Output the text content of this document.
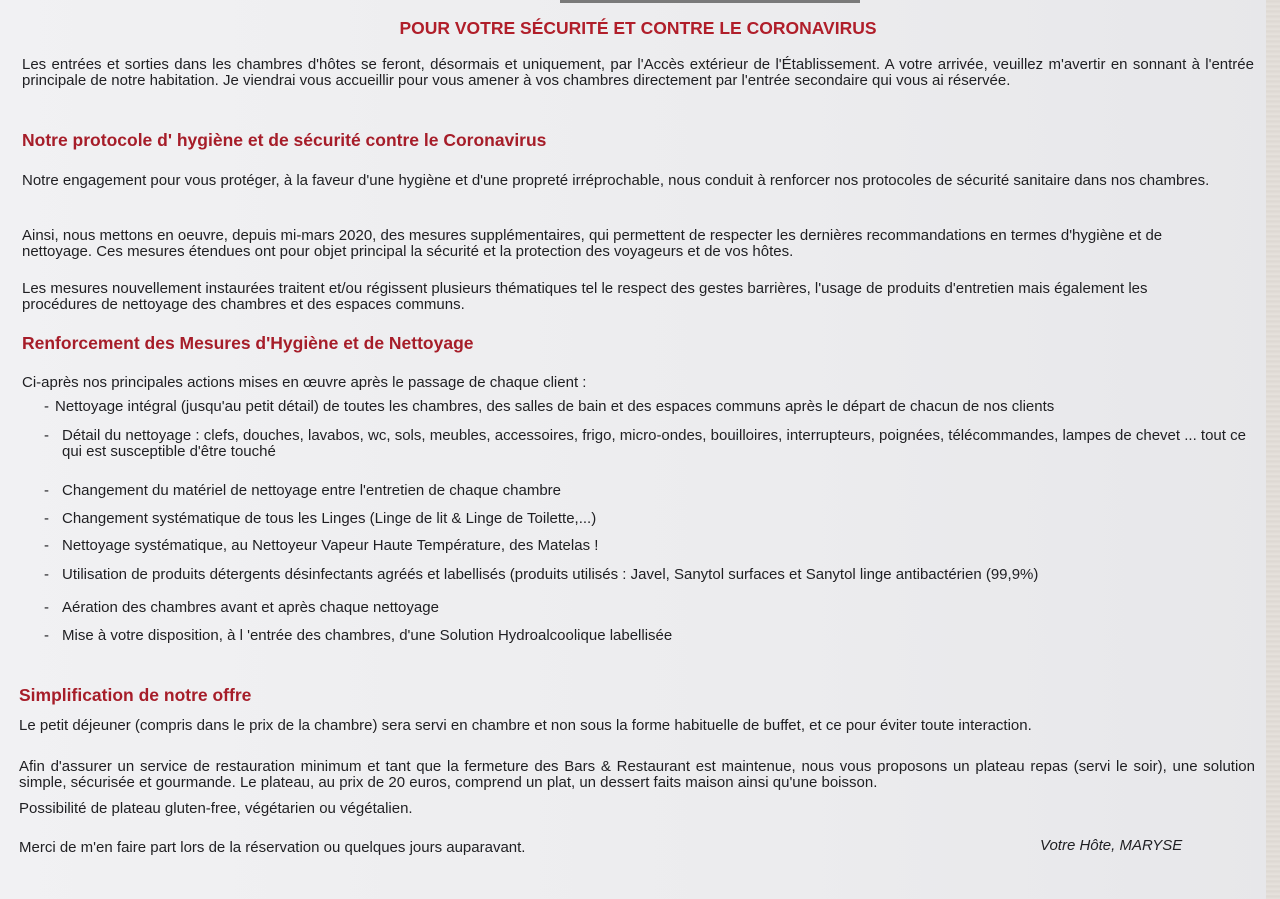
POUR VOTRE SÉCURITÉ ET CONTRE LE CORONAVIRUS
Les entrées et sorties dans les chambres d'hôtes se feront, désormais et uniquement, par l'Accès extérieur de l'Établissement. A votre arrivée, veuillez m'avertir en sonnant à l'entrée principale de notre habitation. Je viendrai vous accueillir pour vous amener à vos chambres directement par l'entrée secondaire qui vous ai réservée.
Notre protocole d' hygiène et de sécurité contre le Coronavirus
Notre engagement pour vous protéger, à la faveur d'une hygiène et d'une propreté irréprochable, nous conduit à renforcer nos protocoles de sécurité sanitaire dans nos chambres.
Ainsi, nous mettons en oeuvre, depuis mi-mars 2020, des mesures supplémentaires, qui permettent de respecter les dernières recommandations en termes d'hygiène et de nettoyage. Ces mesures étendues ont pour objet principal la sécurité et la protection des voyageurs et de vos hôtes.
Les mesures nouvellement instaurées traitent et/ou régissent plusieurs thématiques tel le respect des gestes barrières, l'usage de produits d'entretien mais également les procédures de nettoyage des chambres et des espaces communs.
Renforcement des Mesures d'Hygiène et de Nettoyage
Ci-après nos principales actions mises en œuvre après le passage de chaque client :
- Nettoyage intégral (jusqu'au petit détail) de toutes les chambres, des salles de bain et des espaces communs après le départ de chacun de nos clients
- Détail du nettoyage : clefs, douches, lavabos, wc, sols, meubles, accessoires, frigo, micro-ondes, bouilloires, interrupteurs, poignées, télécommandes, lampes de chevet ... tout ce qui est susceptible d'être touché
- Changement du matériel de nettoyage entre l'entretien de chaque chambre
- Changement systématique de tous les Linges (Linge de lit & Linge de Toilette,...)
- Nettoyage systématique, au Nettoyeur Vapeur Haute Température, des Matelas !
- Utilisation de produits détergents désinfectants agréés et labellisés (produits utilisés : Javel, Sanytol surfaces et Sanytol linge antibactérien (99,9%)
- Aération des chambres avant et après chaque nettoyage
- Mise à votre disposition, à l 'entrée des chambres, d'une Solution Hydroalcoolique labellisée
Simplification de notre offre
Le petit déjeuner (compris dans le prix de la chambre) sera servi en chambre et non sous la forme habituelle de buffet, et ce pour éviter toute interaction.
Afin d'assurer un service de restauration minimum et tant que la fermeture des Bars & Restaurant est maintenue, nous vous proposons un plateau repas (servi le soir), une solution simple, sécurisée et gourmande. Le plateau, au prix de 20 euros, comprend un plat, un dessert faits maison ainsi qu'une boisson.
Possibilité de plateau gluten-free, végétarien ou végétalien.
Merci de m'en faire part lors de la réservation ou quelques jours auparavant.	Votre Hôte, MARYSE
